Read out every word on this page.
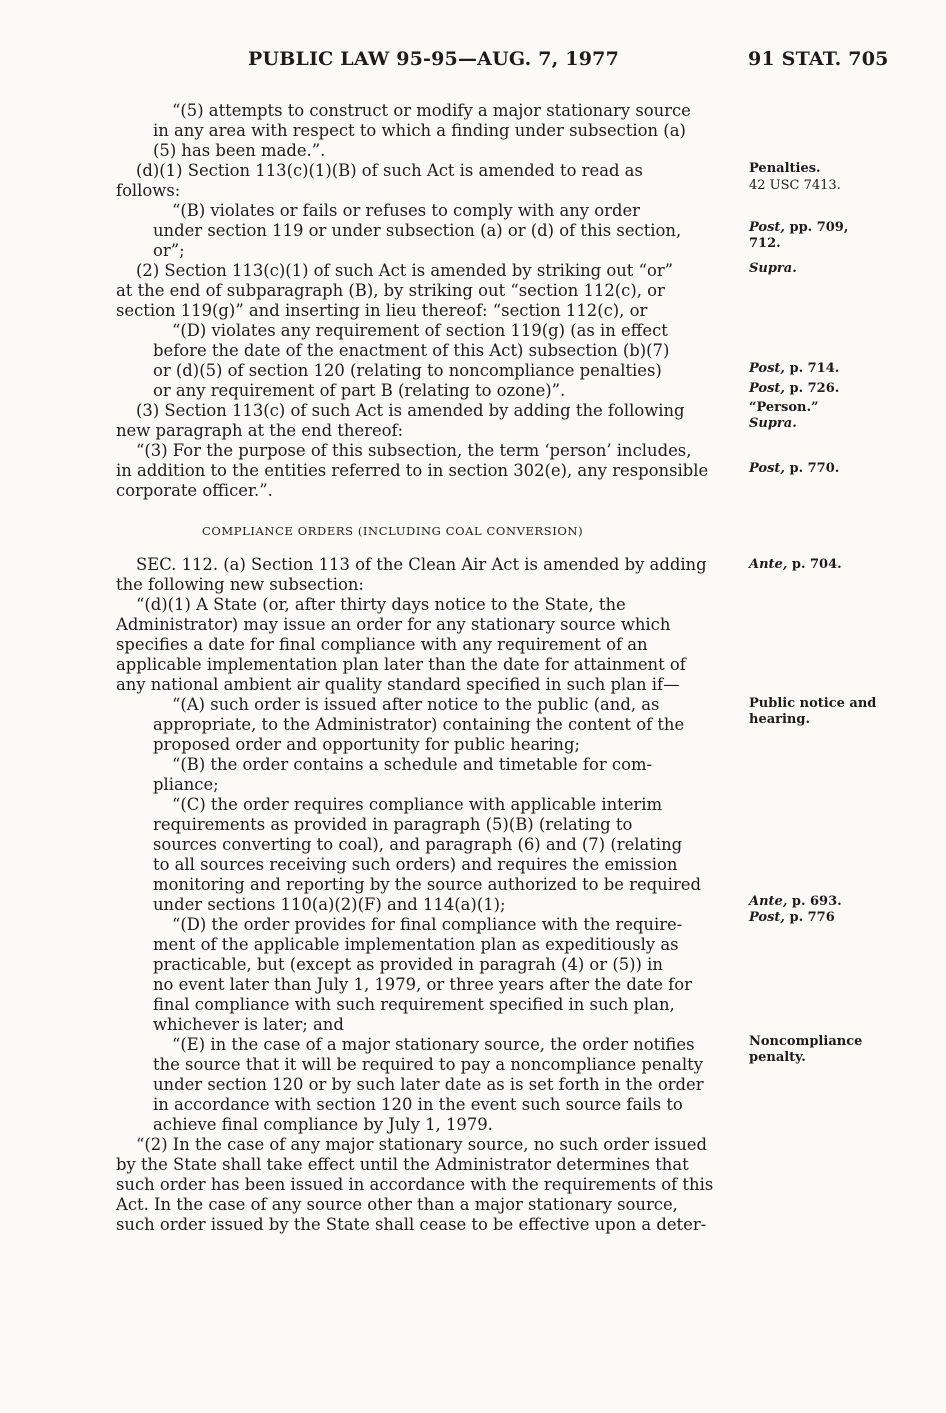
PUBLIC LAW 95-95—AUG. 7, 1977	91 STAT. 705
“(5) attempts to construct or modify a major stationary source
in any area with respect to which a finding under subsection (a)
(5) has been made.”.
(d)(1) Section 113(c)(1)(B) of such Act is amended to read as
follows:
“(B) violates or fails or refuses to comply with any order
under section 119 or under subsection (a) or (d) of this section,
or”;
(2) Section 113(c)(1) of such Act is amended by striking out “or”
at the end of subparagraph (B), by striking out “section 112(c), or
section 119(g)” and inserting in lieu thereof: “section 112(c), or
“(D) violates any requirement of section 119(g) (as in effect
before the date of the enactment of this Act) subsection (b)(7)
or (d)(5) of section 120 (relating to noncompliance penalties)
or any requirement of part B (relating to ozone)”.
(3) Section 113(c) of such Act is amended by adding the following
new paragraph at the end thereof:
“(3) For the purpose of this subsection, the term ‘person’ includes,
in addition to the entities referred to in section 302(e), any responsible
corporate officer.”.
SEC. 112. (a) Section 113 of the Clean Air Act is amended by adding
the following new subsection:
“(d)(1) A State (or, after thirty days notice to the State, the
Administrator) may issue an order for any stationary source which
specifies a date for final compliance with any requirement of an
applicable implementation plan later than the date for attainment of
any national ambient air quality standard specified in such plan if—
“(A) such order is issued after notice to the public (and, as
appropriate, to the Administrator) containing the content of the
proposed order and opportunity for public hearing;
“(B) the order contains a schedule and timetable for com-
pliance;
“(C) the order requires compliance with applicable interim
requirements as provided in paragraph (5)(B) (relating to
sources converting to coal), and paragraph (6) and (7) (relating
to all sources receiving such orders) and requires the emission
monitoring and reporting by the source authorized to be required
under sections 110(a)(2)(F) and 114(a)(1);
“(D) the order provides for final compliance with the require-
ment of the applicable implementation plan as expeditiously as
practicable, but (except as provided in paragrah (4) or (5)) in
no event later than July 1, 1979, or three years after the date for
final compliance with such requirement specified in such plan,
whichever is later; and
“(E) in the case of a major stationary source, the order notifies
the source that it will be required to pay a noncompliance penalty
under section 120 or by such later date as is set forth in the order
in accordance with section 120 in the event such source fails to
achieve final compliance by July 1, 1979.
“(2) In the case of any major stationary source, no such order issued
by the State shall take effect until the Administrator determines that
such order has been issued in accordance with the requirements of this
Act. In the case of any source other than a major stationary source,
such order issued by the State shall cease to be effective upon a deter-
COMPLIANCE ORDERS (INCLUDING COAL CONVERSION)
Penalties.
42 USC 7413.
Post, pp. 709,
712.
Supra.
Post, p. 714.
Post, p. 726.
“Person.”
Supra.
Post, p. 770.
Ante, p. 704.
Public notice and
hearing.
Ante, p. 693.
Post, p. 776
Noncompliance
penalty.
